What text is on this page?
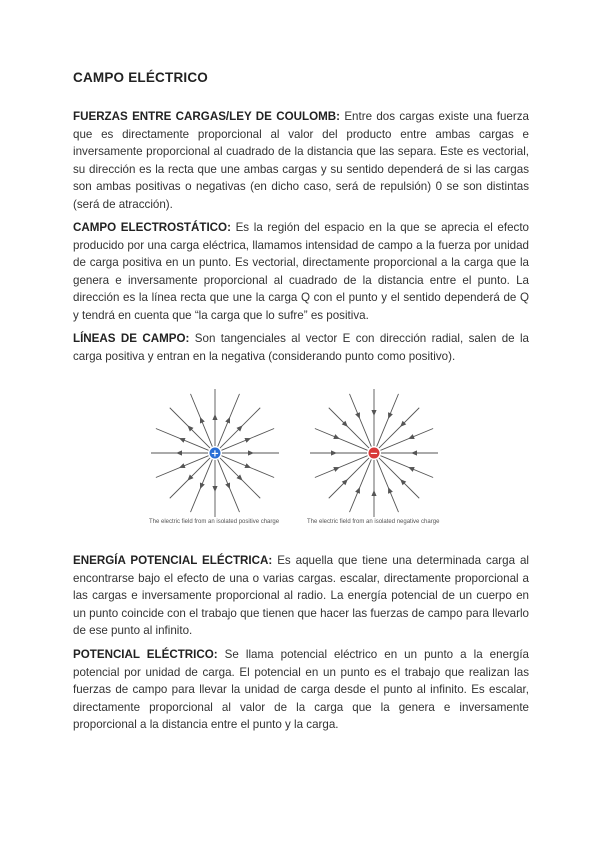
CAMPO ELÉCTRICO

FUERZAS ENTRE CARGAS/LEY DE COULOMB: Entre dos cargas existe una fuerza que es directamente proporcional al valor del producto entre ambas cargas e inversamente proporcional al cuadrado de la distancia que las separa. Este es vectorial, su dirección es la recta que une ambas cargas y su sentido dependerá de si las cargas son ambas positivas o negativas (en dicho caso, será de repulsión) 0 se son distintas (será de atracción).

CAMPO ELECTROSTÁTICO: Es la región del espacio en la que se aprecia el efecto producido por una carga eléctrica, llamamos intensidad de campo a la fuerza por unidad de carga positiva en un punto. Es vectorial, directamente proporcional a la carga que la genera e inversamente proporcional al cuadrado de la distancia entre el punto. La dirección es la línea recta que une la carga Q con el punto y el sentido dependerá de Q y tendrá en cuenta que “la carga que lo sufre” es positiva.

LÍNEAS DE CAMPO: Son tangenciales al vector E con dirección radial, salen de la carga positiva y entran en la negativa (considerando punto como positivo).

+	−
The electric field from an isolated positive charge	The electric field from an isolated negative charge

ENERGÍA POTENCIAL ELÉCTRICA: Es aquella que tiene una determinada carga al encontrarse bajo el efecto de una o varias cargas. escalar, directamente proporcional a las cargas e inversamente proporcional al radio. La energía potencial de un cuerpo en un punto coincide con el trabajo que tienen que hacer las fuerzas de campo para llevarlo de ese punto al infinito.

POTENCIAL ELÉCTRICO: Se llama potencial eléctrico en un punto a la energía potencial por unidad de carga. El potencial en un punto es el trabajo que realizan las fuerzas de campo para llevar la unidad de carga desde el punto al infinito. Es escalar, directamente proporcional al valor de la carga que la genera e inversamente proporcional a la distancia entre el punto y la carga.
